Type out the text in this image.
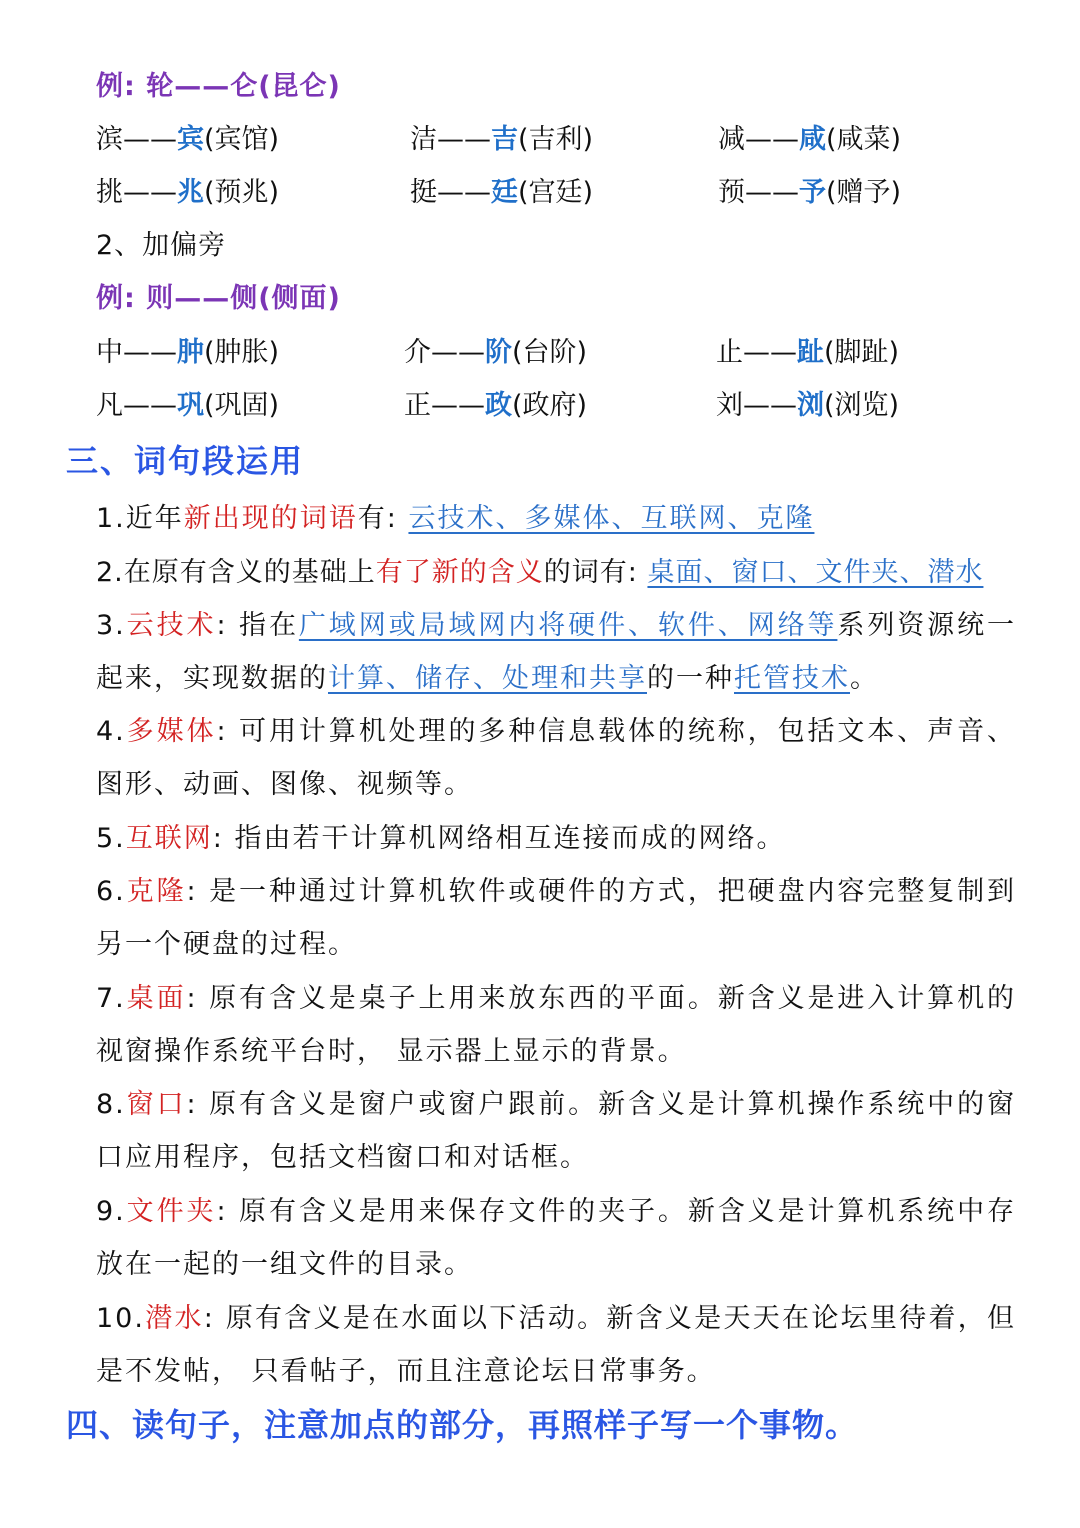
例: 轮——仑(昆仑)
滨——宾(宾馆)	洁——吉(吉利)	减——咸(咸菜)
挑——兆(预兆)	挺——廷(宫廷)	预——予(赠予)
2、加偏旁
例: 则——侧(侧面)
中——肿(肿胀)	介——阶(台阶)	止——趾(脚趾)
凡——巩(巩固)	正——政(政府)	刘——浏(浏览)
三、词句段运用
1.近年新出现的词语有: 云技术、多媒体、互联网、克隆
2.在原有含义的基础上有了新的含义的词有: 桌面、窗口、文件夹、潜水
3.云技术: 指在广域网或局域网内将硬件、软件、网络等系列资源统一起来，实现数据的计算、储存、处理和共享的一种托管技术。
4.多媒体: 可用计算机处理的多种信息载体的统称，包括文本、声音、图形、动画、图像、视频等。
5.互联网: 指由若干计算机网络相互连接而成的网络。
6.克隆: 是一种通过计算机软件或硬件的方式，把硬盘内容完整复制到另一个硬盘的过程。
7.桌面: 原有含义是桌子上用来放东西的平面。新含义是进入计算机的视窗操作系统平台时， 显示器上显示的背景。
8.窗口: 原有含义是窗户或窗户跟前。新含义是计算机操作系统中的窗口应用程序，包括文档窗口和对话框。
9.文件夹: 原有含义是用来保存文件的夹子。新含义是计算机系统中存放在一起的一组文件的目录。
10.潜水: 原有含义是在水面以下活动。新含义是天天在论坛里待着，但是不发帖， 只看帖子，而且注意论坛日常事务。
四、读句子，注意加点的部分，再照样子写一个事物。
